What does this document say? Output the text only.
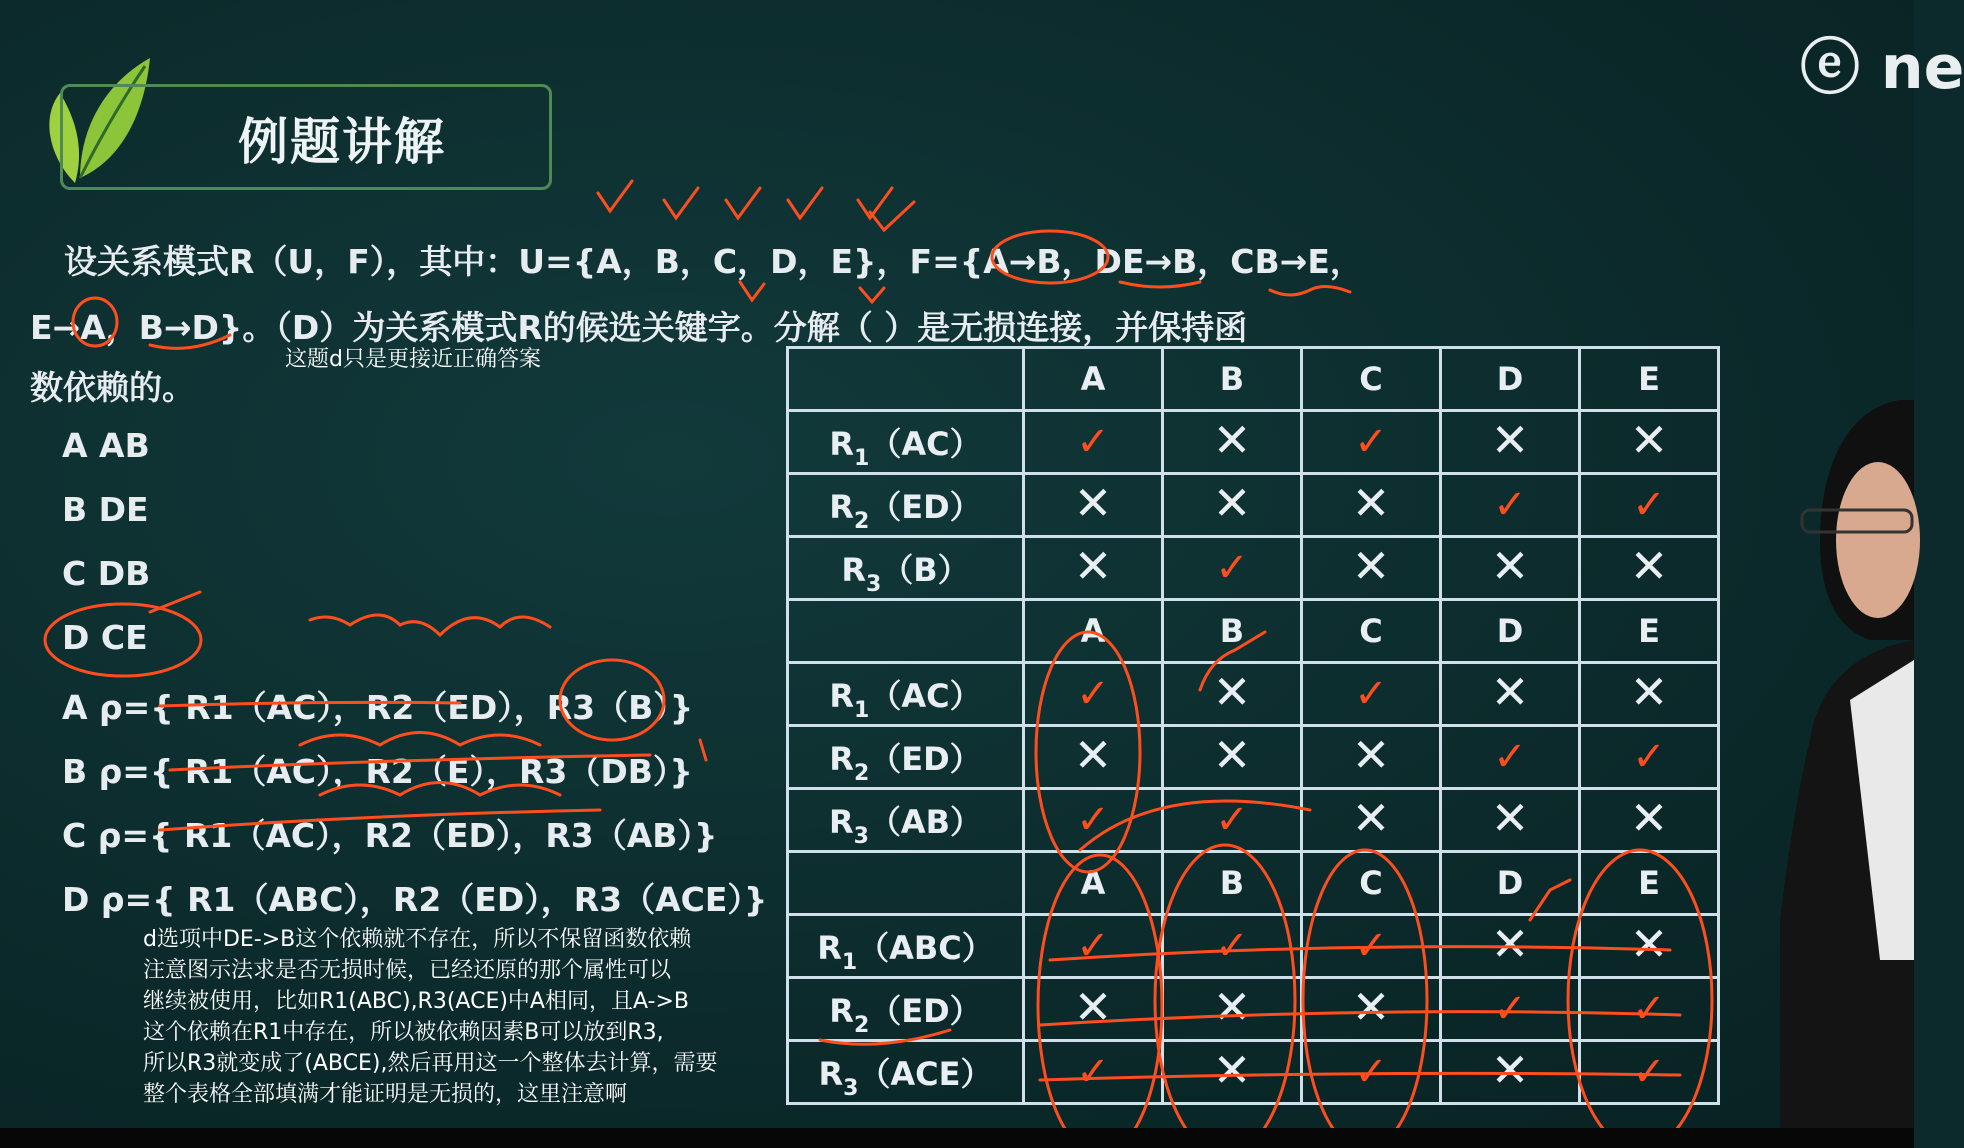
ⓔ ne
例题讲解
设关系模式R（U，F），其中：U={A，B，C，D，E}，F={A→B，DE→B，CB→E，
E→A，B→D}。（D）为关系模式R的候选关键字。分解（ ）是无损连接，并保持函
这题d只是更接近正确答案
数依赖的。
A AB
B DE
C DB
D CE
A ρ={ R1（AC），R2（ED），R3（B）}
B ρ={ R1（AC），R2（E），R3（DB）}
C ρ={ R1（AC），R2（ED），R3（AB）}
D ρ={ R1（ABC），R2（ED），R3（ACE）}
d选项中DE->B这个依赖就不存在，所以不保留函数依赖
注意图示法求是否无损时候，已经还原的那个属性可以
继续被使用，比如R1(ABC),R3(ACE)中A相同，且A->B
这个依赖在R1中存在，所以被依赖因素B可以放到R3,
所以R3就变成了(ABCE),然后再用这一个整体去计算，需要
整个表格全部填满才能证明是无损的，这里注意啊
	A	B	C	D	E
$R_1(AC)$	✓	✕	✓	✕	✕
$R_2(ED)$	✕	✕	✕	✓	✓
$R_3(B)$	✕	✓	✕	✕	✕
	A	B	C	D	E
$R_1(AC)$	✓	✕	✓	✕	✕
$R_2(ED)$	✕	✕	✕	✓	✓
$R_3(AB)$	✓	✓	✕	✕	✕
	A	B	C	D	E
$R_1(ABC)$	✓	✓	✓	✕	✕
$R_2(ED)$	✕	✕	✕	✓	✓
$R_3(ACE)$	✓	✕	✓	✕	✓
